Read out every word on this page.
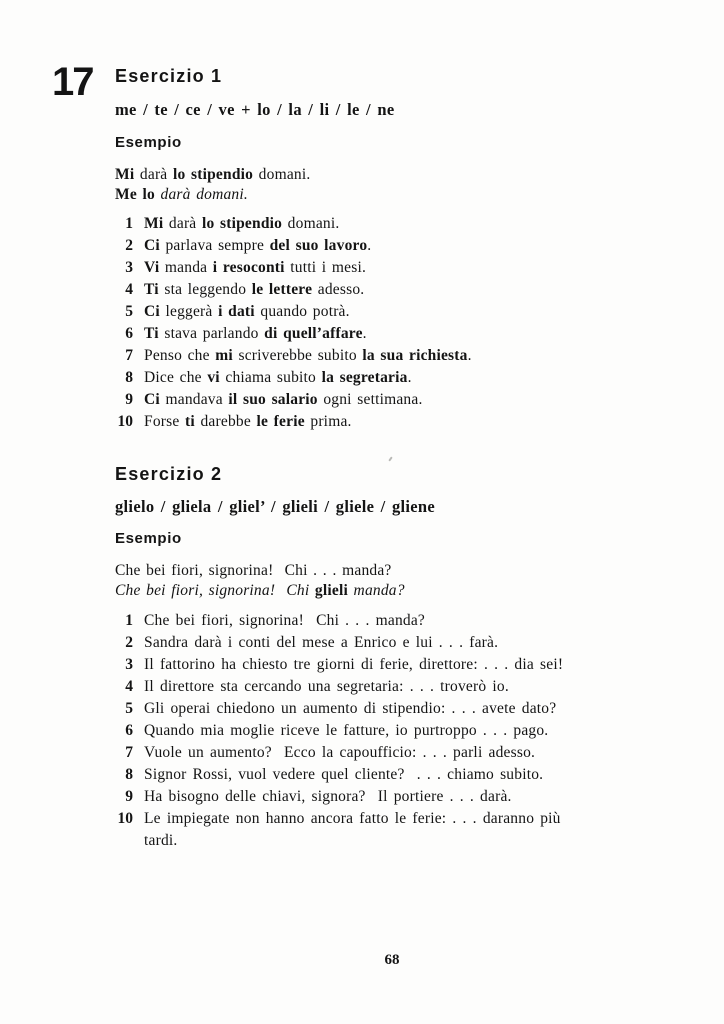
17 Esercizio 1
me / te / ce / ve + lo / la / li / le / ne
Esempio
Mi darà lo stipendio domani.
Me lo darà domani.
1 Mi darà lo stipendio domani.
2 Ci parlava sempre del suo lavoro.
3 Vi manda i resoconti tutti i mesi.
4 Ti sta leggendo le lettere adesso.
5 Ci leggerà i dati quando potrà.
6 Ti stava parlando di quell’affare.
7 Penso che mi scriverebbe subito la sua richiesta.
8 Dice che vi chiama subito la segretaria.
9 Ci mandava il suo salario ogni settimana.
10 Forse ti darebbe le ferie prima.
Esercizio 2
glielo / gliela / gliel’ / glieli / gliele / gliene
Esempio
Che bei fiori, signorina!  Chi . . . manda?
Che bei fiori, signorina!  Chi glieli manda?
1 Che bei fiori, signorina!  Chi . . . manda?
2 Sandra darà i conti del mese a Enrico e lui . . . farà.
3 Il fattorino ha chiesto tre giorni di ferie, direttore: . . . dia sei!
4 Il direttore sta cercando una segretaria: . . . troverò io.
5 Gli operai chiedono un aumento di stipendio: . . . avete dato?
6 Quando mia moglie riceve le fatture, io purtroppo . . . pago.
7 Vuole un aumento?  Ecco la capoufficio: . . . parli adesso.
8 Signor Rossi, vuol vedere quel cliente?  . . . chiamo subito.
9 Ha bisogno delle chiavi, signora?  Il portiere . . . darà.
10 Le impiegate non hanno ancora fatto le ferie: . . . daranno più
tardi.
68
